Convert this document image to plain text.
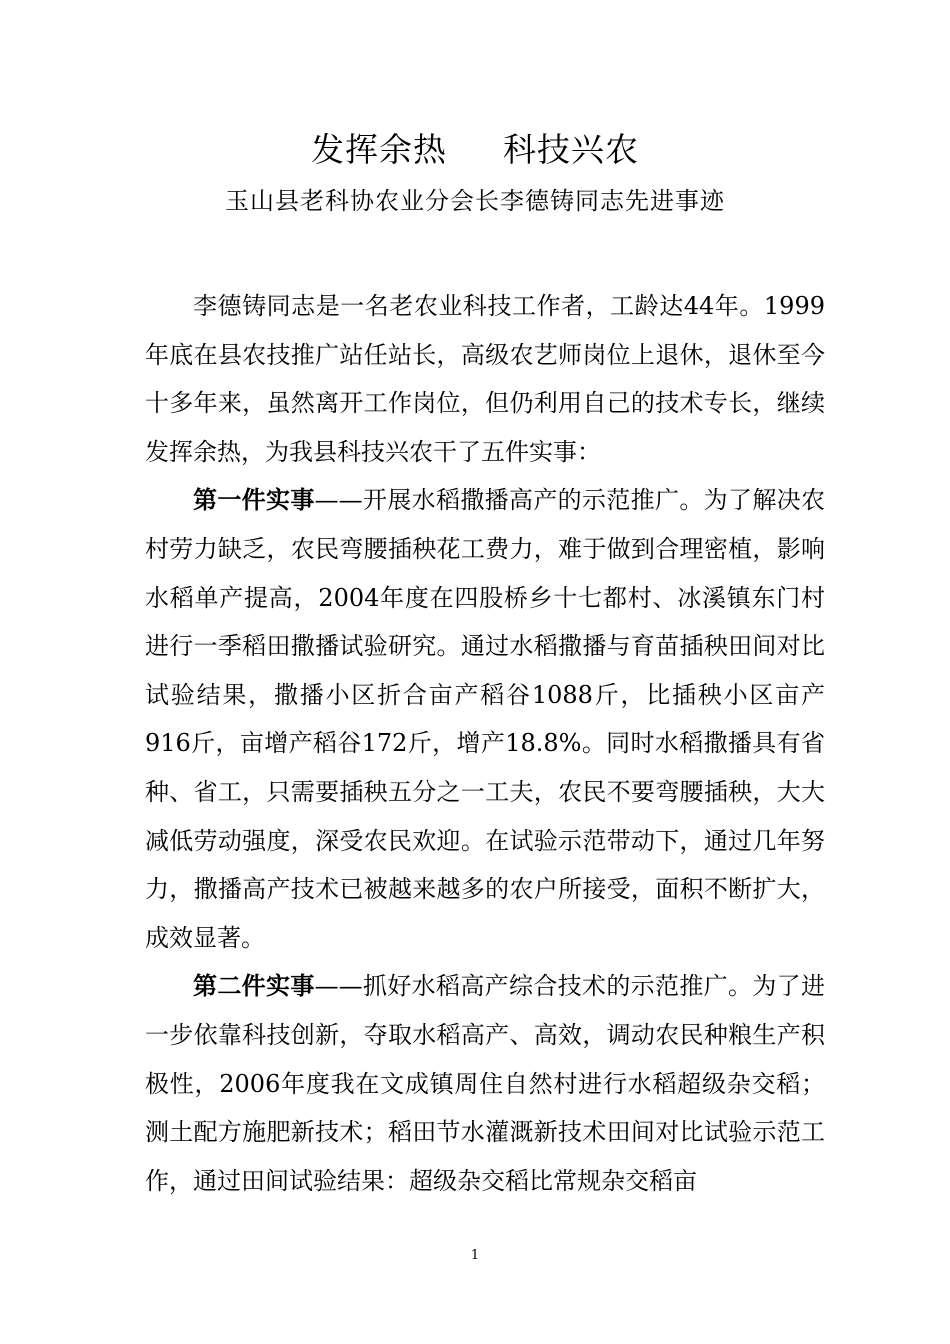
发挥余热 科技兴农
玉山县老科协农业分会长李德铸同志先进事迹

李德铸同志是一名老农业科技工作者，工龄达44年。1999年底在县农技推广站任站长，高级农艺师岗位上退休，退休至今十多年来，虽然离开工作岗位，但仍利用自己的技术专长，继续发挥余热，为我县科技兴农干了五件实事：

第一件实事——开展水稻撒播高产的示范推广。为了解决农村劳力缺乏，农民弯腰插秧花工费力，难于做到合理密植，影响水稻单产提高，2004年度在四股桥乡十七都村、冰溪镇东门村进行一季稻田撒播试验研究。通过水稻撒播与育苗插秧田间对比试验结果，撒播小区折合亩产稻谷1088斤，比插秧小区亩产916斤，亩增产稻谷172斤，增产18.8%。同时水稻撒播具有省种、省工，只需要插秧五分之一工夫，农民不要弯腰插秧，大大减低劳动强度，深受农民欢迎。在试验示范带动下，通过几年努力，撒播高产技术已被越来越多的农户所接受，面积不断扩大，成效显著。

第二件实事——抓好水稻高产综合技术的示范推广。为了进一步依靠科技创新，夺取水稻高产、高效，调动农民种粮生产积极性，2006年度我在文成镇周住自然村进行水稻超级杂交稻；测土配方施肥新技术；稻田节水灌溉新技术田间对比试验示范工作，通过田间试验结果：超级杂交稻比常规杂交稻亩

1
